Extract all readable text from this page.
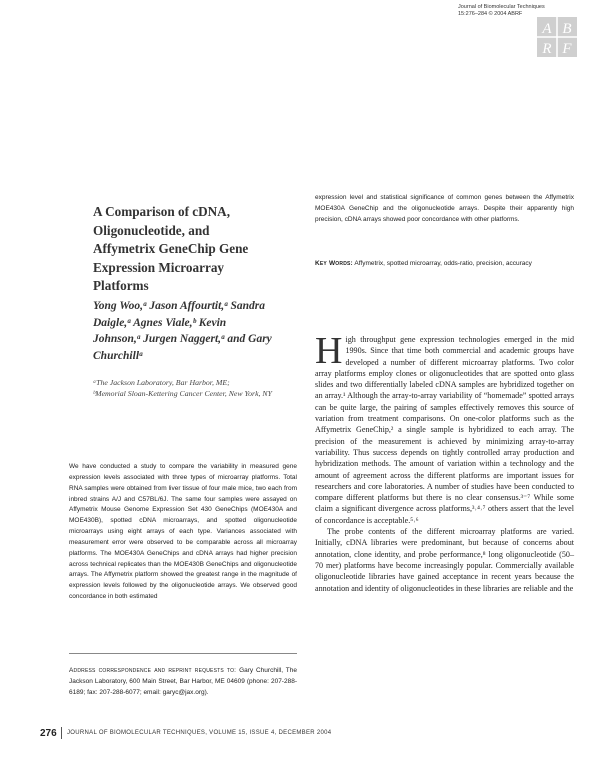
Journal of Biomolecular Techniques
15:276–284 © 2004 ABRF
A B
R F
A Comparison of cDNA, Oligonucleotide, and Affymetrix GeneChip Gene Expression Microarray Platforms
Yong Woo,ᵃ Jason Affourtit,ᵃ Sandra Daigle,ᵃ Agnes Viale,ᵇ Kevin Johnson,ᵃ Jurgen Naggert,ᵃ and Gary Churchillᵃ
ᵃThe Jackson Laboratory, Bar Harbor, ME;
ᵇMemorial Sloan-Kettering Cancer Center, New York, NY
We have conducted a study to compare the variability in measured gene expression levels associated with three types of microarray platforms. Total RNA samples were obtained from liver tissue of four male mice, two each from inbred strains A/J and C57BL/6J. The same four samples were assayed on Affymetrix Mouse Genome Expression Set 430 GeneChips (MOE430A and MOE430B), spotted cDNA microarrays, and spotted oligonucleotide microarrays using eight arrays of each type. Variances associated with measurement error were observed to be comparable across all microarray platforms. The MOE430A GeneChips and cDNA arrays had higher precision across technical replicates than the MOE430B GeneChips and oligonucleotide arrays. The Affymetrix platform showed the greatest range in the magnitude of expression levels followed by the oligonucleotide arrays. We observed good concordance in both estimated
expression level and statistical significance of common genes between the Affymetrix MOE430A GeneChip and the oligonucleotide arrays. Despite their apparently high precision, cDNA arrays showed poor concordance with other platforms.
Key Words: Affymetrix, spotted microarray, odds-ratio, precision, accuracy

High throughput gene expression technologies emerged in the mid 1990s. Since that time both commercial and academic groups have developed a number of different microarray platforms. Two color array platforms employ clones or oligonucleotides that are spotted onto glass slides and two differentially labeled cDNA samples are hybridized together on an array.¹ Although the array-to-array variability of “homemade” spotted arrays can be quite large, the pairing of samples effectively removes this source of variation from treatment comparisons. On one-color platforms such as the Affymetrix GeneChip,² a single sample is hybridized to each array. The precision of the measurement is achieved by minimizing array-to-array variability. Thus success depends on tightly controlled array production and hybridization methods. The amount of variation within a technology and the amount of agreement across the different platforms are important issues for researchers and core laboratories. A number of studies have been conducted to compare different platforms but there is no clear consensus.³⁻⁷ While some claim a significant divergence across platforms,³˒⁴˒⁷ others assert that the level of concordance is acceptable.⁵˒⁶

The probe contents of the different microarray platforms are varied. Initially, cDNA libraries were predominant, but because of concerns about annotation, clone identity, and probe performance,⁸ long oligonucleotide (50–70 mer) platforms have become increasingly popular. Commercially available oligonucleotide libraries have gained acceptance in recent years because the annotation and identity of oligonucleotides in these libraries are reliable and the

Address correspondence and reprint requests to: Gary Churchill, The Jackson Laboratory, 600 Main Street, Bar Harbor, ME 04609 (phone: 207-288-6189; fax: 207-288-6077; email: garyc@jax.org).
276 JOURNAL OF BIOMOLECULAR TECHNIQUES, VOLUME 15, ISSUE 4, DECEMBER 2004
